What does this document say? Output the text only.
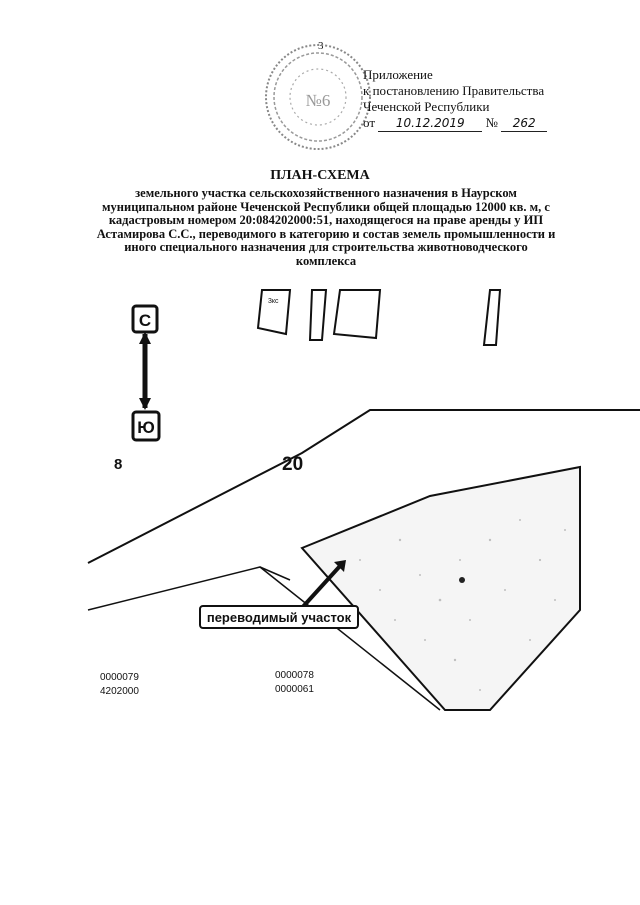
3
№6
Приложение
к постановлению Правительства
Чеченской Республики
от 10.12.2019 № 262
ПЛАН-СХЕМА
земельного участка сельскохозяйственного назначения в Наурском муниципальном районе Чеченской Республики общей площадью 12000 кв. м, с кадастровым номером 20:084202000:51, находящегося на праве аренды у ИП Астамирова С.С., переводимого в категорию и состав земель промышленности и иного специального назначения для строительства животноводческого комплекса
3кс
С
Ю
8	20
переводимый участок
0000079
4202000
0000078
0000061
